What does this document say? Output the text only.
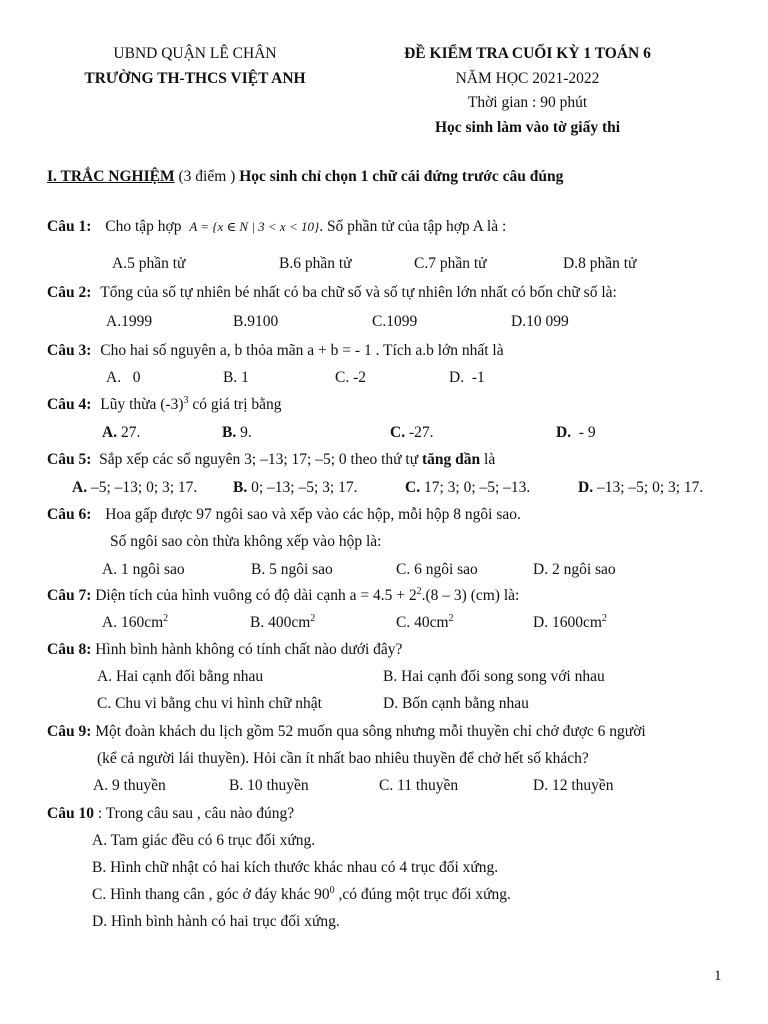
UBND QUẬN LÊ CHÂN
TRƯỜNG TH-THCS VIỆT ANH
ĐỀ KIỂM TRA CUỐI KỲ 1 TOÁN 6
NĂM HỌC 2021-2022
Thời gian : 90 phút
Học sinh làm vào tờ giấy thi
I. TRẮC NGHIỆM (3 điểm ) Học sinh chỉ chọn 1 chữ cái đứng trước câu đúng
Câu 1: Cho tập hợp A = {x ∈ N | 3 < x < 10}. Số phần tử của tập hợp A là :
A.5 phần tử	B.6 phần tử	C.7 phần tử	D.8 phần tử
Câu 2: Tổng của số tự nhiên bé nhất có ba chữ số và số tự nhiên lớn nhất có bốn chữ số là:
A.1999	B.9100	C.1099	D.10 099
Câu 3: Cho hai số nguyên a, b thỏa mãn a + b = - 1 . Tích a.b lớn nhất là
A.   0	B. 1	C. -2	D.  -1
Câu 4: Lũy thừa $(-3)^3$ có giá trị bằng
A. 27.	B. 9.	C. -27.	D.  - 9
Câu 5: Sắp xếp các số nguyên 3; –13; 17; –5; 0 theo thứ tự tăng dần là
A. –5; –13; 0; 3; 17. B. 0; –13; –5; 3; 17.	C. 17; 3; 0; –5; –13.	D. –13; –5; 0; 3; 17.
Câu 6: Hoa gấp được 97 ngôi sao và xếp vào các hộp, mỗi hộp 8 ngôi sao.
Số ngôi sao còn thừa không xếp vào hộp là:
A. 1 ngôi sao	B. 5 ngôi sao	C. 6 ngôi sao	D. 2 ngôi sao
Câu 7: Diện tích của hình vuông có độ dài cạnh $a = 4.5 + 2^2.(8 - 3)$ (cm) là:
A. $160cm^2$	B. $400cm^2$	C. $40cm^2$	D. $1600cm^2$
Câu 8: Hình bình hành không có tính chất nào dưới đây?
A. Hai cạnh đối bằng nhau	B. Hai cạnh đối song song với nhau
C. Chu vi bằng chu vi hình chữ nhật	D. Bốn cạnh bằng nhau
Câu 9: Một đoàn khách du lịch gồm 52 muốn qua sông nhưng mỗi thuyền chỉ chở được 6 người
(kể cả người lái thuyền). Hỏi cần ít nhất bao nhiêu thuyền để chở hết số khách?
A. 9 thuyền	B. 10 thuyền	C. 11 thuyền	D. 12 thuyền
Câu 10 : Trong câu sau , câu nào đúng?
A. Tam giác đều có 6 trục đối xứng.
B. Hình chữ nhật có hai kích thước khác nhau có 4 trục đối xứng.
C. Hình thang cân , góc ở đáy khác $90^0$ ,có đúng một trục đối xứng.
D. Hình bình hành có hai trục đối xứng.
1
